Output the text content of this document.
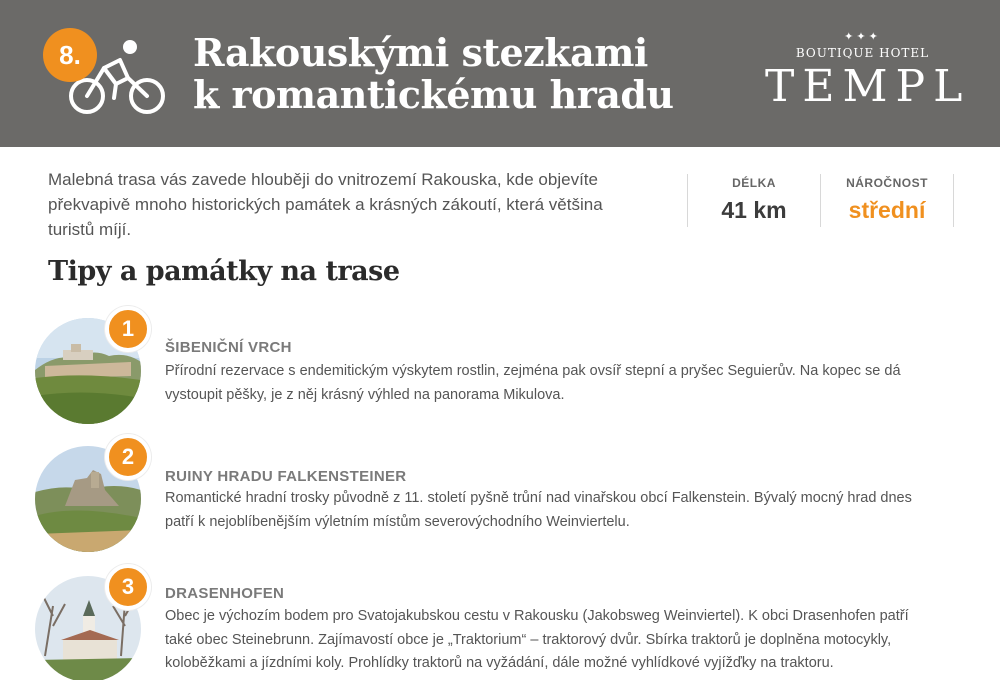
8.	Rakouskými stezkami
k romantickému hradu
✦✦✦
BOUTIQUE HOTEL
TEMPL

Malebná trasa vás zavede hlouběji do vnitrozemí Rakouska, kde objevíte překvapivě mnoho historických památek a krásných zákoutí, která většina turistů míjí.

DÉLKA
41 km
NÁROČNOST
střední
Tipy a památky na trase
1
ŠIBENIČNÍ VRCH

Přírodní rezervace s endemitickým výskytem rostlin, zejména pak ovsíř stepní a pryšec Seguierův. Na kopec se dá vystoupit pěšky, je z něj krásný výhled na panorama Mikulova.

2
RUINY HRADU FALKENSTEINER

Romantické hradní trosky původně z 11. století pyšně trůní nad vinařskou obcí Falkenstein. Bývalý mocný hrad dnes patří k nejoblíbenějším výletním místům severovýchodního Weinviertelu.

3 DRASENHOFEN

Obec je výchozím bodem pro Svatojakubskou cestu v Rakousku (Jakobsweg Weinviertel). K obci Drasenhofen patří také obec Steinebrunn. Zajímavostí obce je „Traktorium“ – traktorový dvůr. Sbírka traktorů je doplněna motocykly, koloběžkami a jízdními koly. Prohlídky traktorů na vyžádání, dále možné vyhlídkové vyjížďky na traktoru.
